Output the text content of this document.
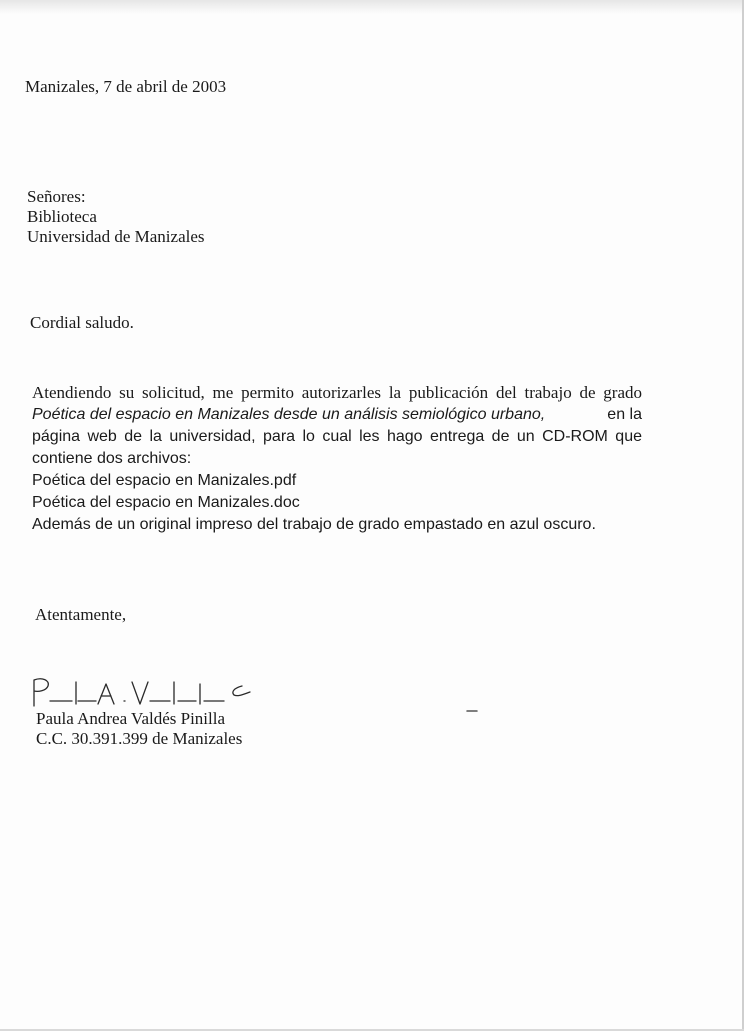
Manizales, 7 de abril de 2003
Señores:
Biblioteca
Universidad de Manizales
Cordial saludo.
Atendiendo su solicitud, me permito autorizarles la publicación del trabajo de grado
Poética del espacio en Manizales desde un análisis semiológico urbano,	en la
página web de la universidad, para lo cual les hago entrega de un CD-ROM que
contiene dos archivos:
Poética del espacio en Manizales.pdf
Poética del espacio en Manizales.doc
Además de un original impreso del trabajo de grado empastado en azul oscuro.
Atentamente,
Paula Andrea Valdés Pinilla
C.C. 30.391.399 de Manizales
